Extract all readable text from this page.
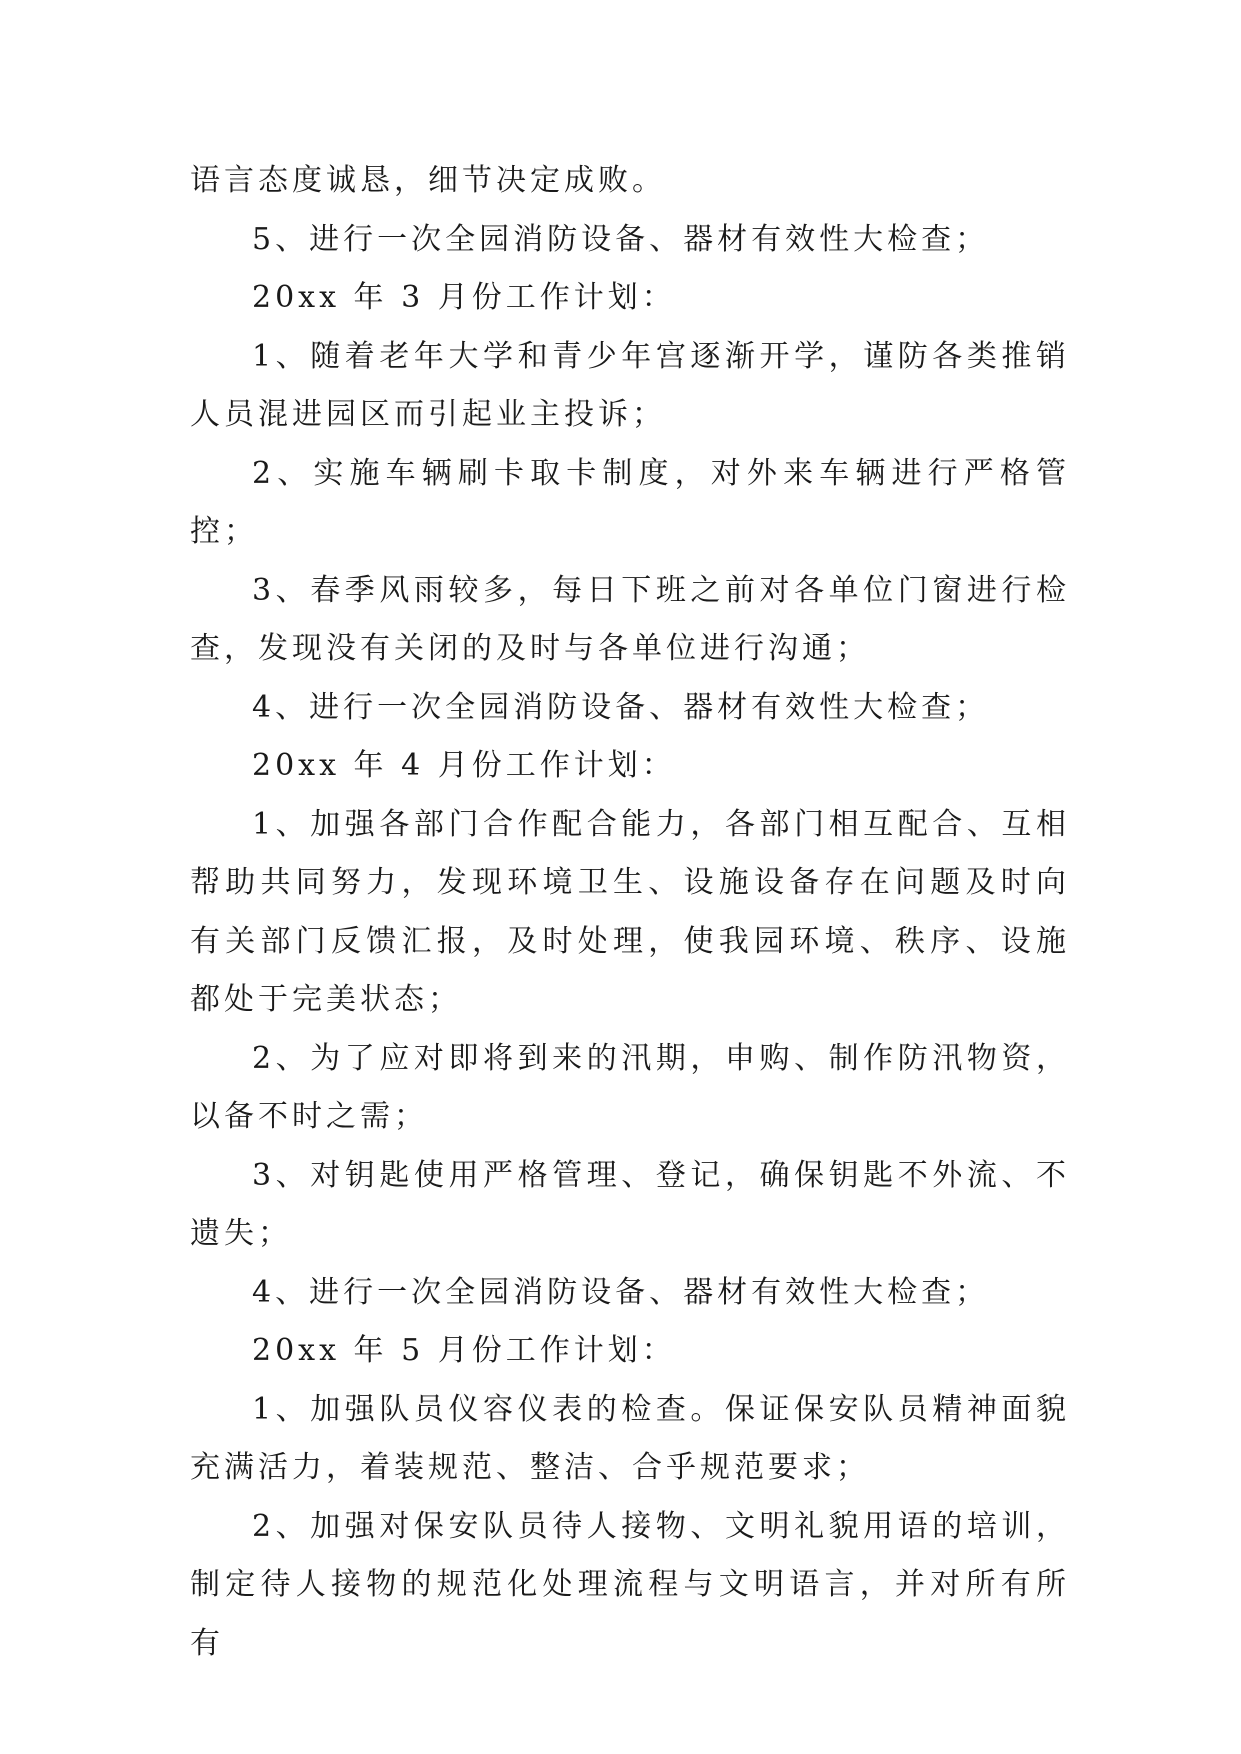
语言态度诚恳，细节决定成败。

5、进行一次全园消防设备、器材有效性大检查；

20xx 年 3 月份工作计划：

1、随着老年大学和青少年宫逐渐开学，谨防各类推销人员混进园区而引起业主投诉；

2、实施车辆刷卡取卡制度，对外来车辆进行严格管控；

3、春季风雨较多，每日下班之前对各单位门窗进行检查，发现没有关闭的及时与各单位进行沟通；

4、进行一次全园消防设备、器材有效性大检查；

20xx 年 4 月份工作计划：

1、加强各部门合作配合能力，各部门相互配合、互相帮助共同努力，发现环境卫生、设施设备存在问题及时向有关部门反馈汇报，及时处理，使我园环境、秩序、设施都处于完美状态；

2、为了应对即将到来的汛期，申购、制作防汛物资，以备不时之需；

3、对钥匙使用严格管理、登记，确保钥匙不外流、不遗失；

4、进行一次全园消防设备、器材有效性大检查；

20xx 年 5 月份工作计划：

1、加强队员仪容仪表的检查。保证保安队员精神面貌充满活力，着装规范、整洁、合乎规范要求；

2、加强对保安队员待人接物、文明礼貌用语的培训，制定待人接物的规范化处理流程与文明语言，并对所有所有
